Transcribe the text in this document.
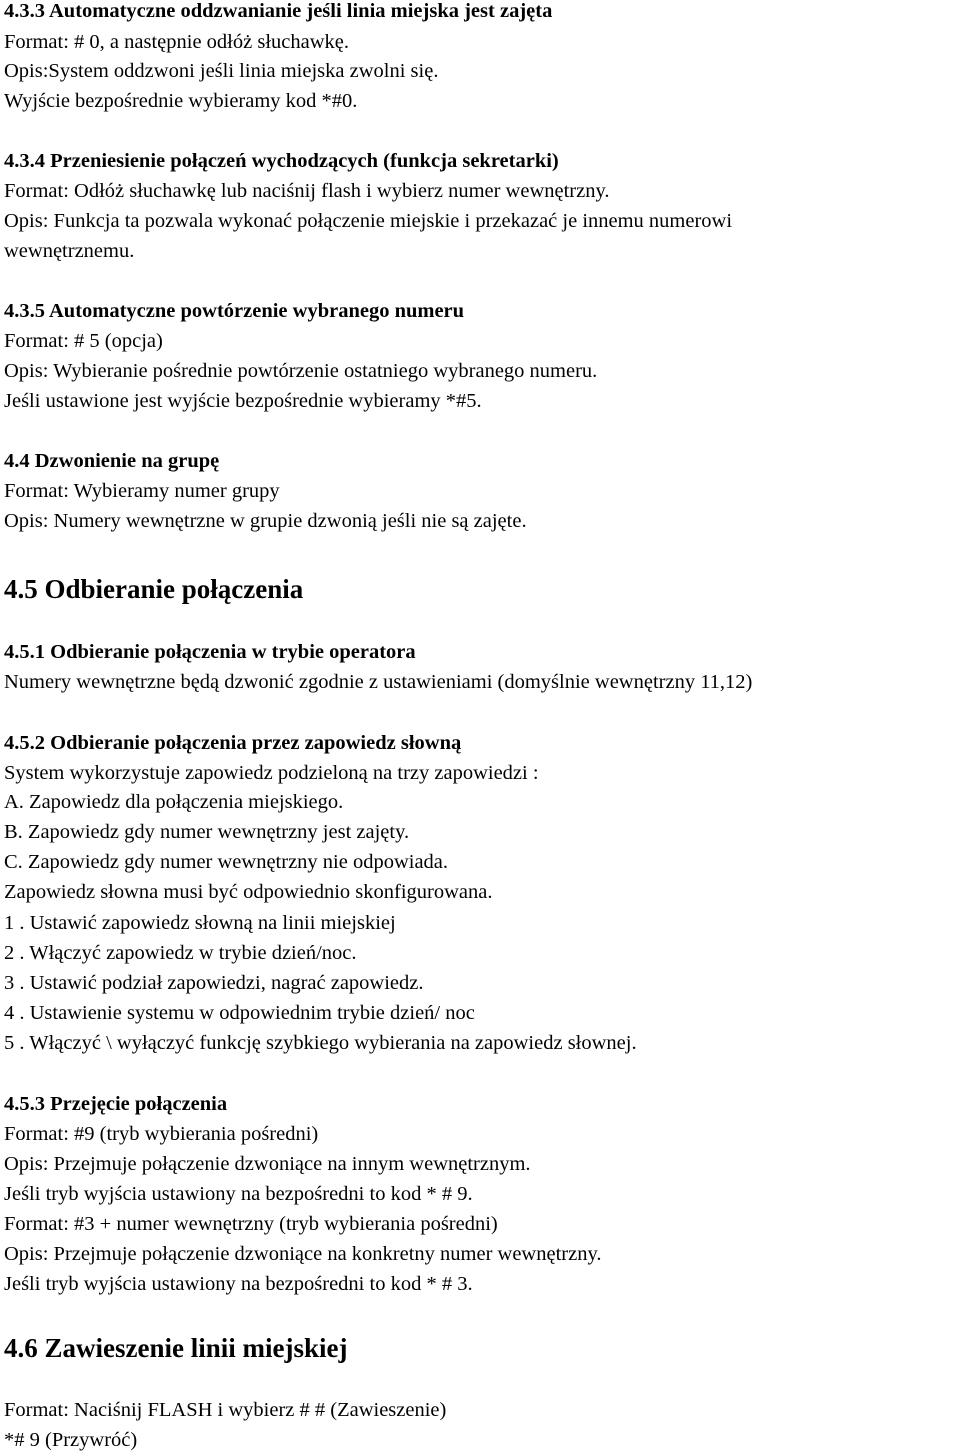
4.3.3 Automatyczne oddzwanianie jeśli linia miejska jest zajęta
Format: # 0, a następnie odłóż słuchawkę.
Opis:System oddzwoni jeśli linia miejska zwolni się.
Wyjście bezpośrednie wybieramy kod *#0.
4.3.4 Przeniesienie połączeń wychodzących (funkcja sekretarki)
Format: Odłóż słuchawkę lub naciśnij flash i wybierz numer wewnętrzny.
Opis: Funkcja ta pozwala wykonać połączenie miejskie i przekazać je innemu numerowi
wewnętrznemu.
4.3.5 Automatyczne powtórzenie wybranego numeru
Format: # 5 (opcja)
Opis: Wybieranie pośrednie powtórzenie ostatniego wybranego numeru.
Jeśli ustawione jest wyjście bezpośrednie wybieramy *#5.
4.4 Dzwonienie na grupę
Format: Wybieramy numer grupy
Opis: Numery wewnętrzne w grupie dzwonią jeśli nie są zajęte.
4.5 Odbieranie połączenia
4.5.1 Odbieranie połączenia w trybie operatora
Numery wewnętrzne będą dzwonić zgodnie z ustawieniami (domyślnie wewnętrzny 11,12)
4.5.2 Odbieranie połączenia przez zapowiedz słowną
System wykorzystuje zapowiedz podzieloną na trzy zapowiedzi :
A. Zapowiedz dla połączenia miejskiego.
B. Zapowiedz gdy numer wewnętrzny jest zajęty.
C. Zapowiedz gdy numer wewnętrzny nie odpowiada.
Zapowiedz słowna musi być odpowiednio skonfigurowana.
1 . Ustawić zapowiedz słowną na linii miejskiej
2 . Włączyć zapowiedz w trybie dzień/noc.
3 . Ustawić podział zapowiedzi, nagrać zapowiedz.
4 . Ustawienie systemu w odpowiednim trybie dzień/ noc
5 . Włączyć \ wyłączyć funkcję szybkiego wybierania na zapowiedz słownej.
4.5.3 Przejęcie połączenia
Format: #9 (tryb wybierania pośredni)
Opis: Przejmuje połączenie dzwoniące na innym wewnętrznym.
Jeśli tryb wyjścia ustawiony na bezpośredni to kod * # 9.
Format: #3 + numer wewnętrzny (tryb wybierania pośredni)
Opis: Przejmuje połączenie dzwoniące na konkretny numer wewnętrzny.
Jeśli tryb wyjścia ustawiony na bezpośredni to kod * # 3.
4.6 Zawieszenie linii miejskiej
Format: Naciśnij FLASH i wybierz # # (Zawieszenie)
*# 9 (Przywróć)
